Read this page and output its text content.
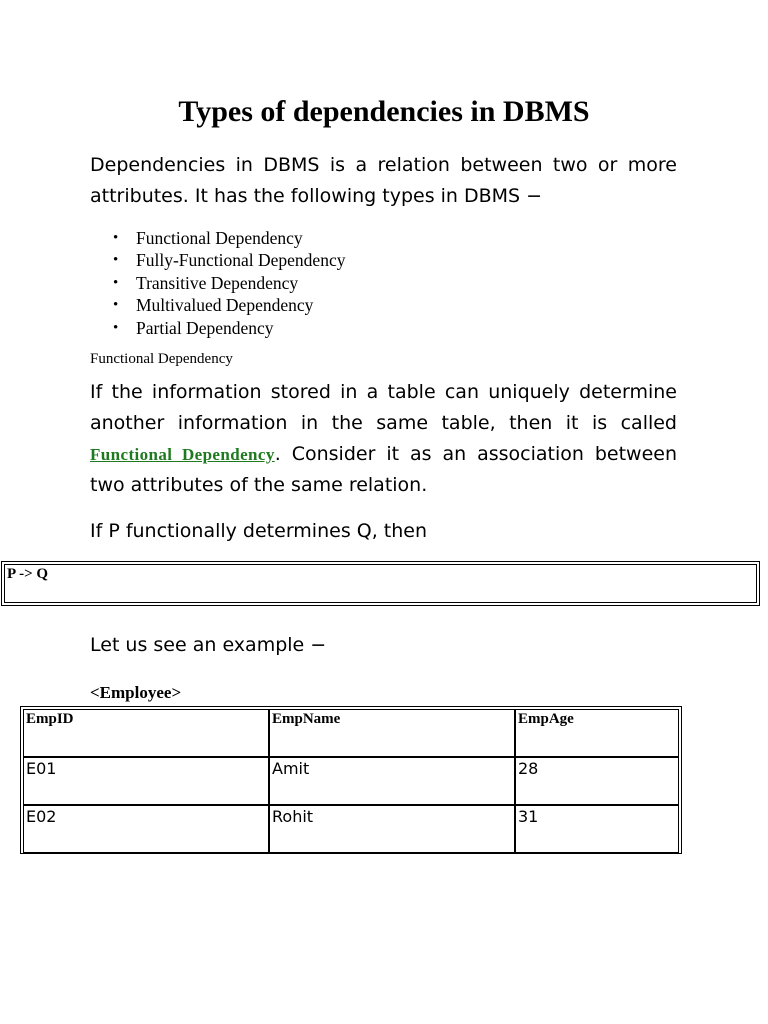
Types of dependencies in DBMS

Dependencies in DBMS is a relation between two or more attributes. It has the following types in DBMS −

• Functional Dependency
• Fully-Functional Dependency
• Transitive Dependency
• Multivalued Dependency
• Partial Dependency

Functional Dependency

If the information stored in a table can uniquely determine another information in the same table, then it is called Functional Dependency. Consider it as an association between two attributes of the same relation.

If P functionally determines Q, then

P -> Q

Let us see an example −

<Employee>

EmpID	EmpName	EmpAge
E01	Amit	28
E02	Rohit	31
